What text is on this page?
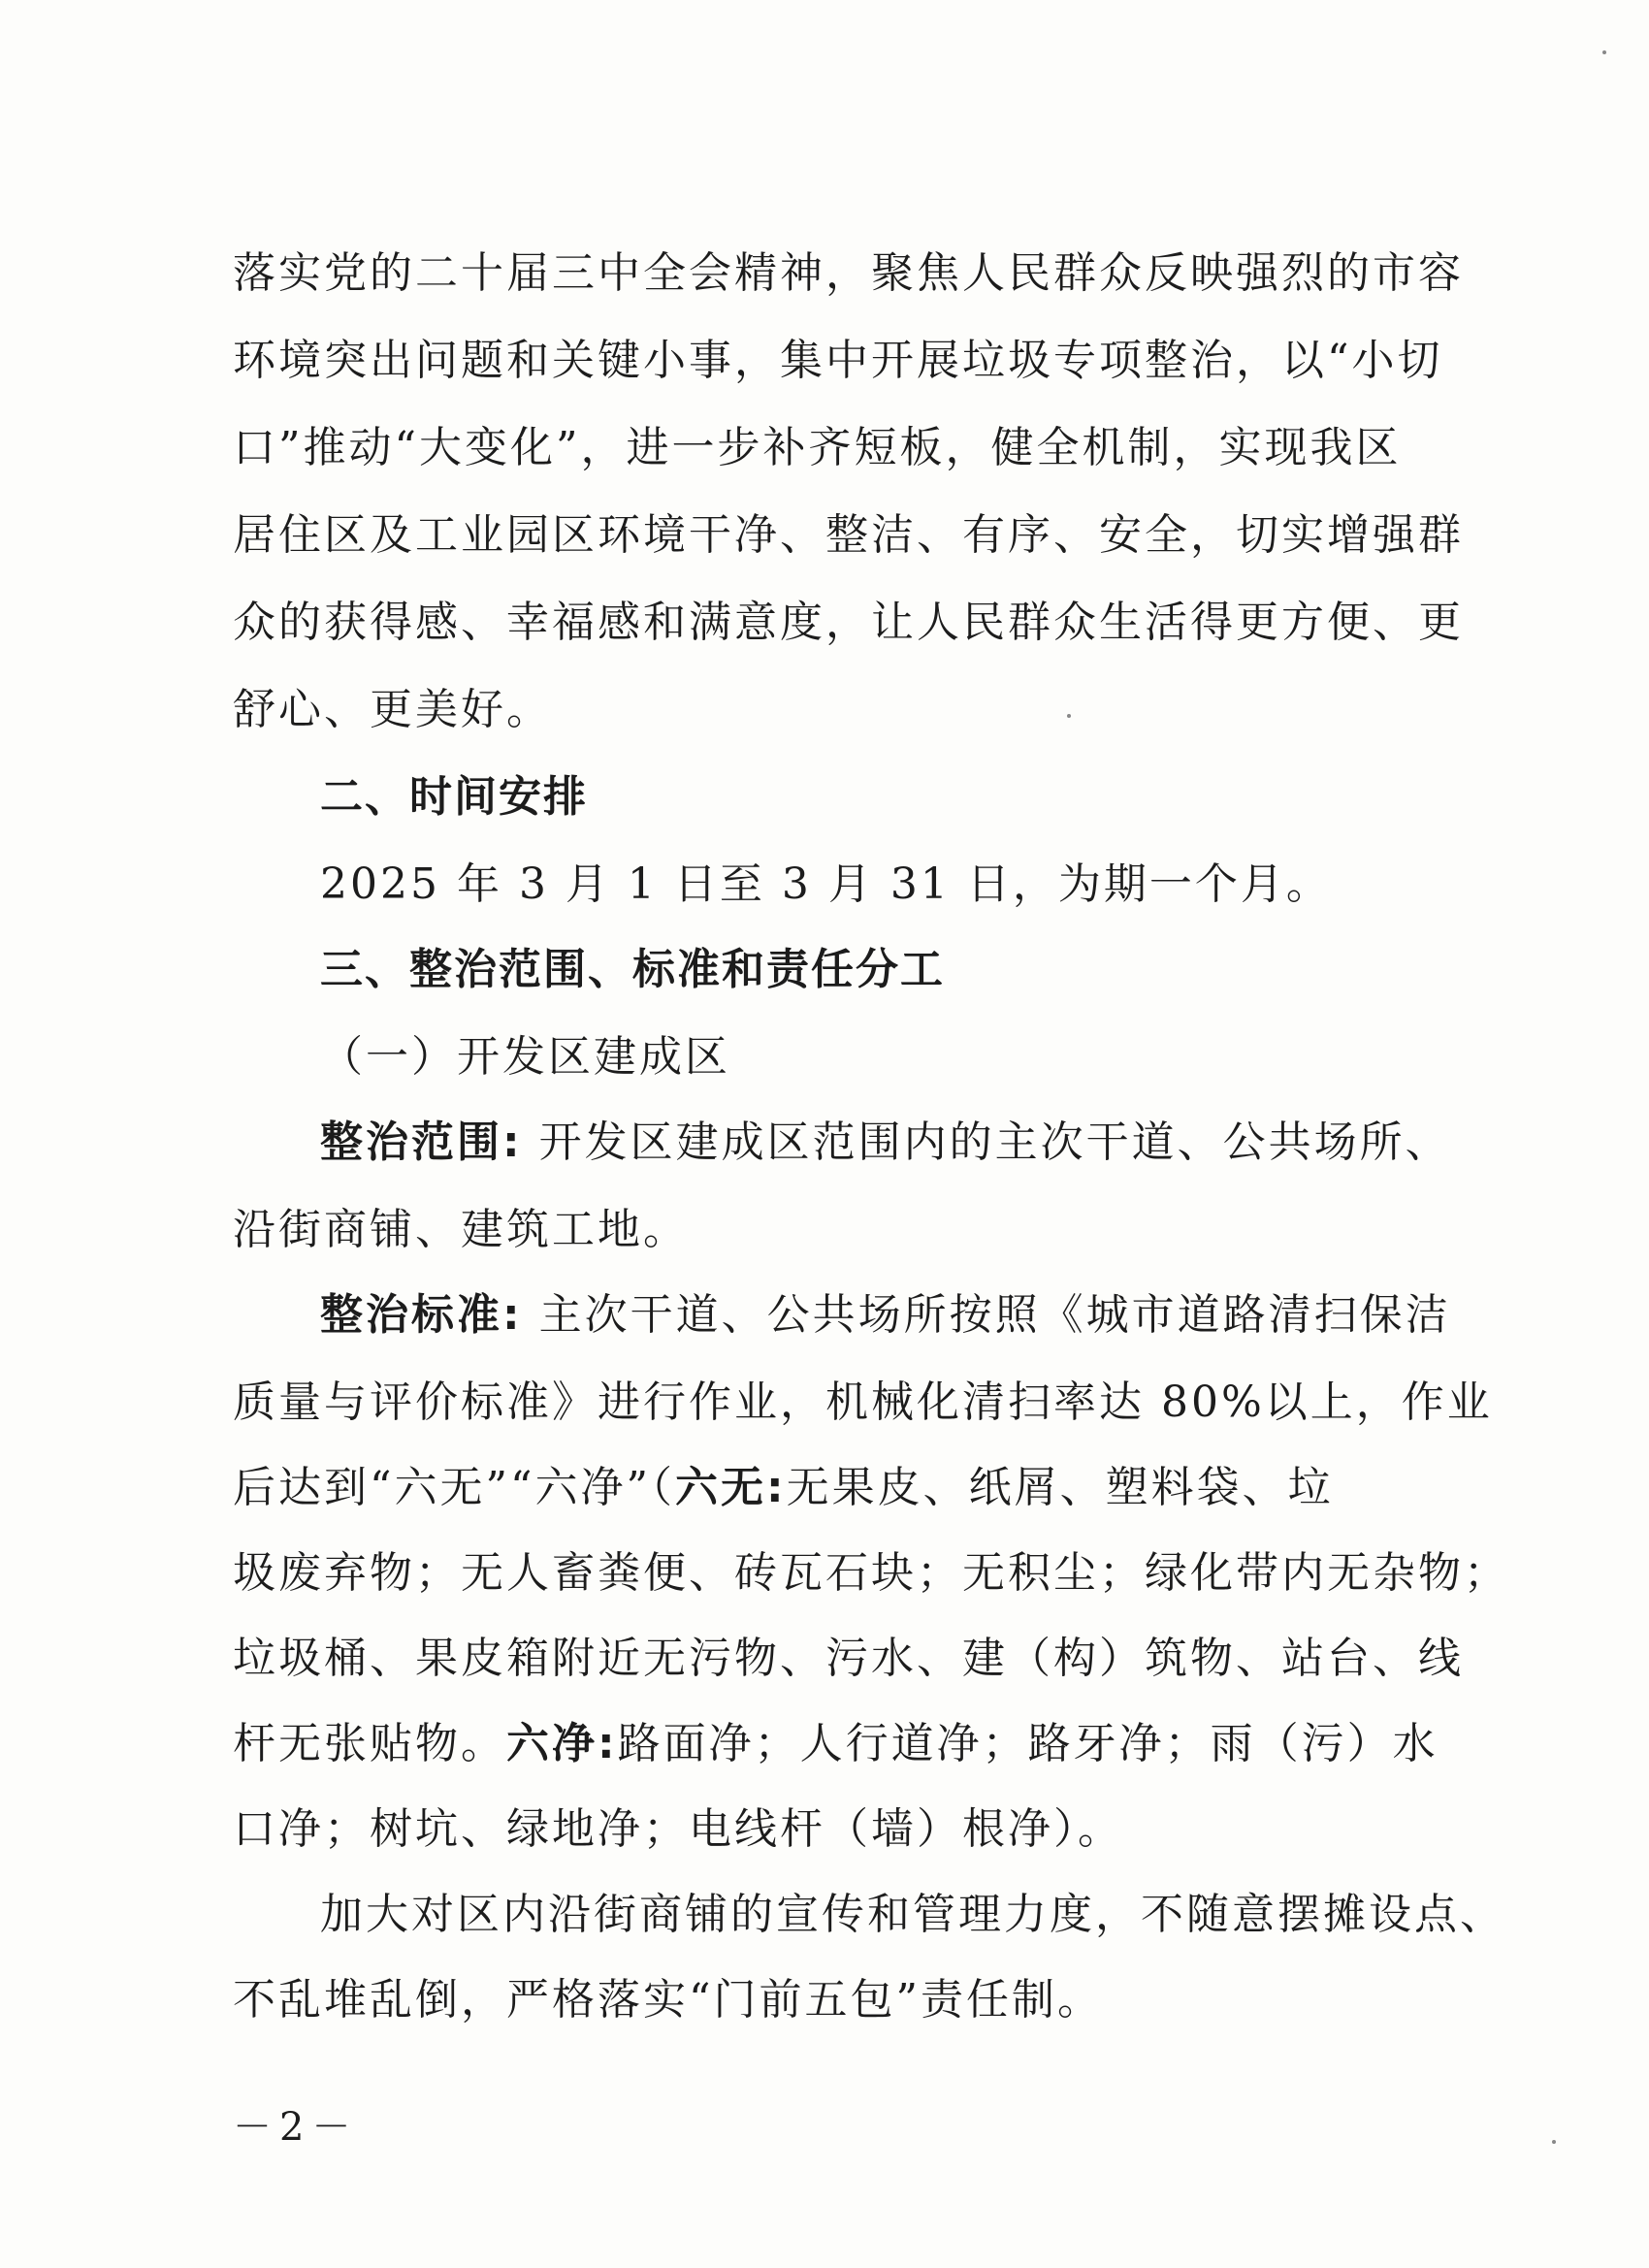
落实党的二十届三中全会精神，聚焦人民群众反映强烈的市容
环境突出问题和关键小事，集中开展垃圾专项整治，以“小切
口”推动“大变化”，进一步补齐短板，健全机制，实现我区
居住区及工业园区环境干净、整洁、有序、安全，切实增强群
众的获得感、幸福感和满意度，让人民群众生活得更方便、更
舒心、更美好。
二、时间安排
2025 年 3 月 1 日至 3 月 31 日，为期一个月。
三、整治范围、标准和责任分工
（一）开发区建成区
整治范围: 开发区建成区范围内的主次干道、公共场所、
沿街商铺、建筑工地。
整治标准: 主次干道、公共场所按照《城市道路清扫保洁
质量与评价标准》进行作业，机械化清扫率达 80%以上，作业
后达到“六无”“六净”（六无:无果皮、纸屑、塑料袋、垃
圾废弃物；无人畜粪便、砖瓦石块；无积尘；绿化带内无杂物；
垃圾桶、果皮箱附近无污物、污水、建（构）筑物、站台、线
杆无张贴物。六净:路面净；人行道净；路牙净；雨（污）水
口净；树坑、绿地净；电线杆（墙）根净）。
加大对区内沿街商铺的宣传和管理力度，不随意摆摊设点、
不乱堆乱倒，严格落实“门前五包”责任制。
－2－
